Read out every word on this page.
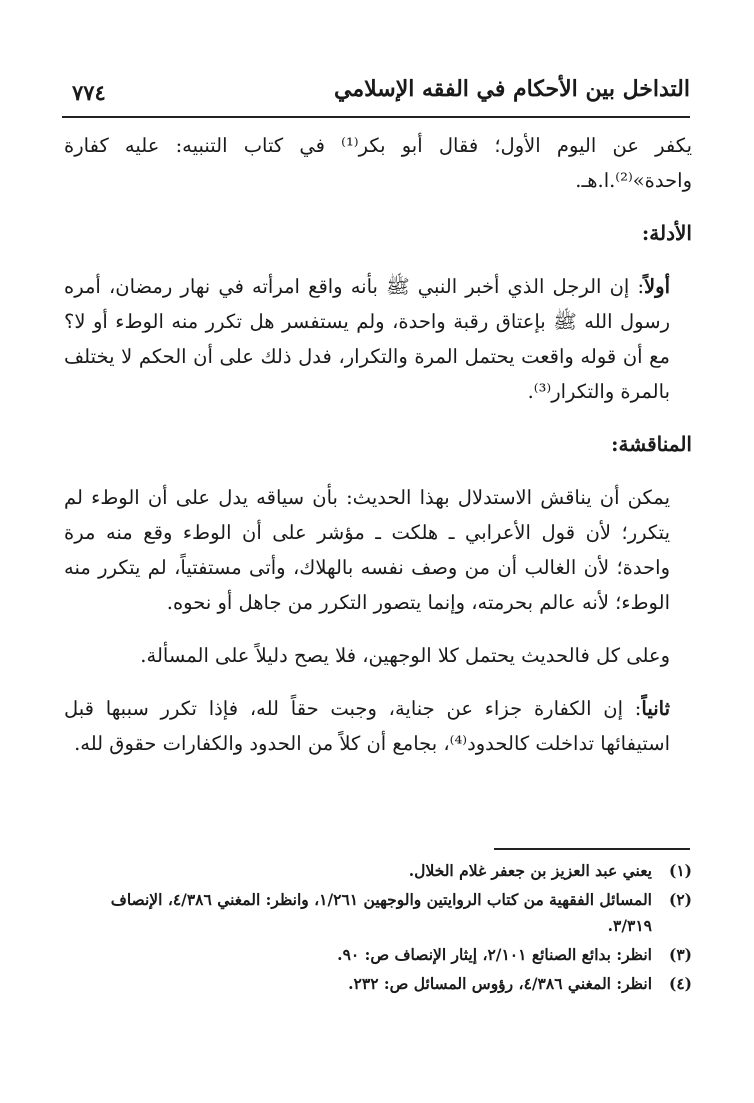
٧٧٤	التداخل بين الأحكام في الفقه الإسلامي

يكفر عن اليوم الأول؛ فقال أبو بكر⁽¹⁾ في كتاب التنبيه: عليه كفارة واحدة»⁽²⁾.ا.هـ.

الأدلة:

أولاً: إن الرجل الذي أخبر النبي ﷺ بأنه واقع امرأته في نهار رمضان، أمره رسول الله ﷺ بإعتاق رقبة واحدة، ولم يستفسر هل تكرر منه الوطء أو لا؟ مع أن قوله واقعت يحتمل المرة والتكرار، فدل ذلك على أن الحكم لا يختلف بالمرة والتكرار⁽³⁾.

المناقشة:

يمكن أن يناقش الاستدلال بهذا الحديث: بأن سياقه يدل على أن الوطء لم يتكرر؛ لأن قول الأعرابي ـ هلكت ـ مؤشر على أن الوطء وقع منه مرة واحدة؛ لأن الغالب أن من وصف نفسه بالهلاك، وأتى مستفتياً، لم يتكرر منه الوطء؛ لأنه عالم بحرمته، وإنما يتصور التكرر من جاهل أو نحوه.

وعلى كل فالحديث يحتمل كلا الوجهين، فلا يصح دليلاً على المسألة.

ثانياً: إن الكفارة جزاء عن جناية، وجبت حقاً لله، فإذا تكرر سببها قبل استيفائها تداخلت كالحدود⁽⁴⁾، بجامع أن كلاً من الحدود والكفارات حقوق لله.

(١)
يعني عبد العزيز بن جعفر غلام الخلال.

(٢)
المسائل الفقهية من كتاب الروايتين والوجهين ١/٢٦١، وانظر: المغني ٤/٣٨٦، الإنصاف ٣/٣١٩.

(٣)
انظر: بدائع الصنائع ٢/١٠١، إيثار الإنصاف ص: ٩٠.

(٤)
انظر: المغني ٤/٣٨٦، رؤوس المسائل ص: ٢٣٢.
